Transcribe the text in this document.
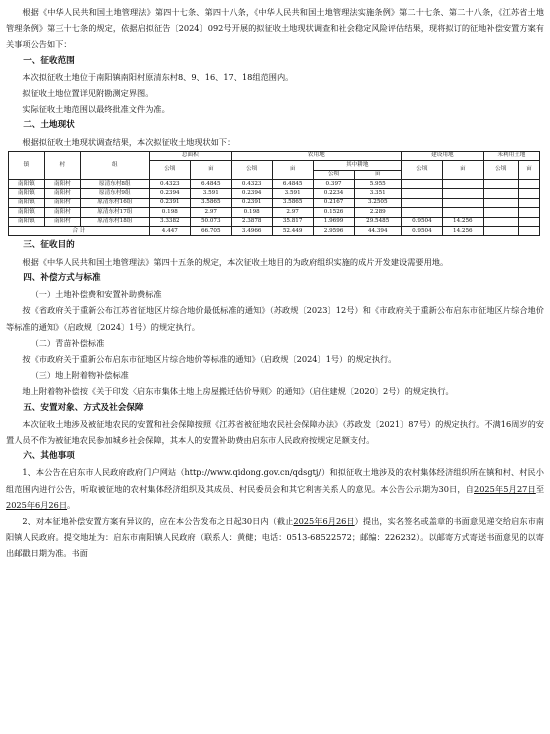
根据《中华人民共和国土地管理法》第四十七条、第四十八条，《中华人民共和国土地管理法实施条例》第二十七条、第二十八条，《江苏省土地管理条例》第三十七条的规定，依据启拟征告〔2024〕092号开展的拟征收土地现状调查和社会稳定风险评估结果，现将拟订的征地补偿安置方案有关事项公告如下：

一、征收范围

本次拟征收土地位于南阳镇南阳村原清东村8、9、16、17、18组范围内。

拟征收土地位置详见附勘测定界图。

实际征收土地范围以最终批准文件为准。

二、土地现状

根据拟征收土地现状调查结果，本次拟征收土地现状如下：

镇	村	组	总面积		农用地				建设用地		未利用土地	
			公顷	亩	公顷	亩	其中耕地		公顷	亩	公顷	亩
							公顷	亩				
南阳镇	南阳村	原清东村8组	0.4323	6.4845	0.4323	6.4845	0.397	5.955				
南阳镇	南阳村	原清东村9组	0.2394	3.591	0.2394	3.591	0.2234	3.351				
南阳镇	南阳村	原清东村16组	0.2391	3.5865	0.2391	3.5865	0.2167	3.2505				
南阳镇	南阳村	原清东村17组	0.198	2.97	0.198	2.97	0.1526	2.289				
南阳镇	南阳村	原清东村18组	3.3382	50.073	2.3878	35.817	1.9699	29.5485	0.9504	14.256		
合 计			4.447	66.705	3.4966	52.449	2.9596	44.394	0.9504	14.256		

三、征收目的

根据《中华人民共和国土地管理法》第四十五条的规定，本次征收土地目的为政府组织实施的成片开发建设需要用地。

四、补偿方式与标准

（一）土地补偿费和安置补助费标准

按《省政府关于重新公布江苏省征地区片综合地价最低标准的通知》（苏政规〔2023〕12号）和《市政府关于重新公布启东市征地区片综合地价等标准的通知》（启政规〔2024〕1号）的规定执行。

（二）青苗补偿标准

按《市政府关于重新公布启东市征地区片综合地价等标准的通知》（启政规〔2024〕1号）的规定执行。

（三）地上附着物补偿标准

地上附着物补偿按《关于印发〈启东市集体土地上房屋搬迁估价导则〉的通知》（启住建规〔2020〕2号）的规定执行。

五、安置对象、方式及社会保障

本次征收土地涉及被征地农民的安置和社会保障按照《江苏省被征地农民社会保障办法》（苏政发〔2021〕87号）的规定执行。不满16周岁的安置人员不作为被征地农民参加城乡社会保障，其本人的安置补助费由启东市人民政府按规定足额支付。

六、其他事项

1、本公告在启东市人民政府政府门户网站（http://www.qidong.gov.cn/qdsgtj/）和拟征收土地涉及的农村集体经济组织所在镇和村、村民小组范围内进行公告，听取被征地的农村集体经济组织及其成员、村民委员会和其它利害关系人的意见。本公告公示期为30日，自2025年5月27日至2025年6月26日。

2、对本征地补偿安置方案有异议的，应在本公告发布之日起30日内（截止2025年6月26日）提出，实名签名或盖章的书面意见递交给启东市南阳镇人民政府。提交地址为：启东市南阳镇人民政府（联系人：黄健；电话：0513-68522572；邮编：226232）。以邮寄方式寄送书面意见的以寄出邮戳日期为准。书面
